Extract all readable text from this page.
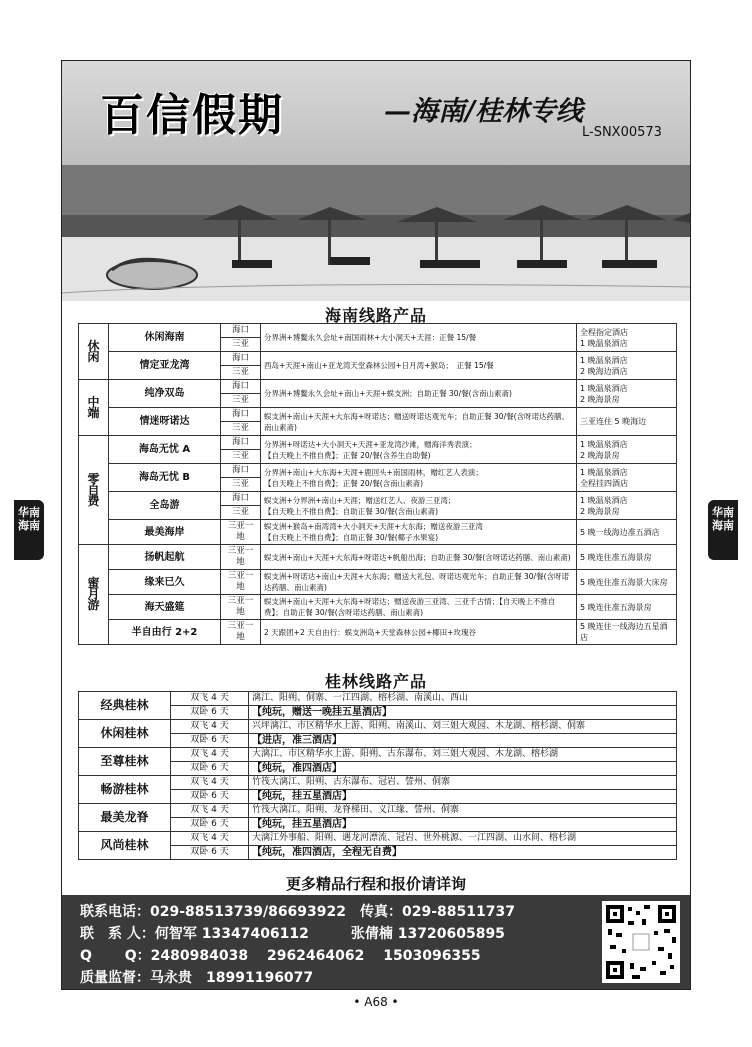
华南海南
华南海南
百信假期	—海南/桂林专线
L-SNX00573
海南线路产品
休闲	休闲海南	海口	分界洲+博鳌永久会址+南国雨林+大小洞天+天涯：正餐 15/餐	全程指定酒店
1 晚温泉酒店
		三亚		
	情定亚龙湾	海口	西岛+天涯+南山+亚龙湾天堂森林公园+日月湾+猴岛；　正餐 15/餐	1 晚温泉酒店
2 晚海边酒店
		三亚		
中端	纯净双岛	海口	分界洲+博鳌永久会址+南山+天涯+蜈支洲；自助正餐 30/餐(含南山素斋)	1 晚温泉酒店
2 晚海景房
		三亚		
	情迷呀诺达	海口	蜈支洲+南山+天涯+大东海+呀诺达；赠送呀诺达观光车；自助正餐 30/餐(含呀诺达药膳、南山素斋)	三亚连住 5 晚海边
		三亚		
零自费	海岛无忧 A	海口	分界洲+呀诺达+大小洞天+天涯+亚龙湾沙滩，赠海洋秀表演；
【自天晚上不推自费】；正餐 20/餐(含养生自助餐)	1 晚温泉酒店
2 晚海景房
		三亚		
	海岛无忧 B	海口	分界洲+南山+大东海+天涯+鹿回头+南国雨林，赠红艺人表演；
【自天晚上不推自费】；正餐 20/餐(含南山素斋)	1 晚温泉酒店
全程挂四酒店
		三亚		
	全岛游	海口	蜈支洲+分界洲+南山+天涯；赠送红艺人、夜游三亚湾；
【自天晚上不推自费】；自助正餐 30/餐(含南山素斋)	1 晚温泉酒店
2 晚海景房
		三亚		
	最美海岸	三亚一地	蜈支洲+猴岛+南湾湾+大小洞天+天涯+大东海；赠送夜游三亚湾
【自天晚上不推自费】；自助正餐 30/餐(椰子水果宴)	5 晚一线海边准五酒店
蜜月游	扬帆起航	三亚一地	蜈支洲+南山+天涯+大东海+呀诺达+帆船出海；自助正餐 30/餐(含呀诺达药膳、南山素斋)	5 晚连住准五海景房
	缘来已久	三亚一地	蜈支洲+呀诺达+南山+天涯+大东海；赠送大礼包、呀诺达观光车；自助正餐 30/餐(含呀诺达药膳、南山素斋)	5 晚连住准五海景大床房
	海天盛筵	三亚一地	蜈支洲+南山+天涯+大东海+呀诺达；赠送夜游三亚湾、三亚千古情；【自天晚上不推自费】；自助正餐 30/餐(含呀诺达药膳、南山素斋)	5 晚连住准五海景房
	半自由行 2+2	三亚一地	2 天跟团+2 天自由行：蜈支洲岛+天堂森林公园+椰田+玫瑰谷	5 晚连住一线海边五星酒店
桂林线路产品
经典桂林	双飞 4 天	漓江、阳朔、侗寨、一江四湖、榕杉湖、南溪山、西山
	双卧 6 天	【纯玩，赠送一晚挂五星酒店】
休闲桂林	双飞 4 天	兴坪漓江、市区精华水上游、阳朔、南溪山、刘三姐大观园、木龙湖、榕杉湖、侗寨
	双卧 6 天	【进店，准三酒店】
至尊桂林	双飞 4 天	大漓江、市区精华水上游、阳朔、古东瀑布、刘三姐大观园、木龙湖、榕杉湖
	双卧 6 天	【纯玩，准四酒店】
畅游桂林	双飞 4 天	竹筏大漓江、阳朔、古东瀑布、冠岩、訾州、侗寨
	双卧 6 天	【纯玩，挂五星酒店】
最美龙脊	双飞 4 天	竹筏大漓江、阳朔、龙脊梯田、义江缘、訾州、侗寨
	双卧 6 天	【纯玩，挂五星酒店】
风尚桂林	双飞 4 天	大漓江外事船、阳朔、遇龙河漂流、冠岩、世外桃源、一江四湖、山水间、榕杉湖
	双卧 6 天	【纯玩，准四酒店，全程无自费】
更多精品行程和报价请详询
联系电话：029-88513739/86693922　传真：029-88511737
联　系 人：何智军 13347406112　　　张倩楠 13720605895
Q　　 Q：2480984038　 2962464062　 1503096355
质量监督：马永贵　18991196077
• A68 •
